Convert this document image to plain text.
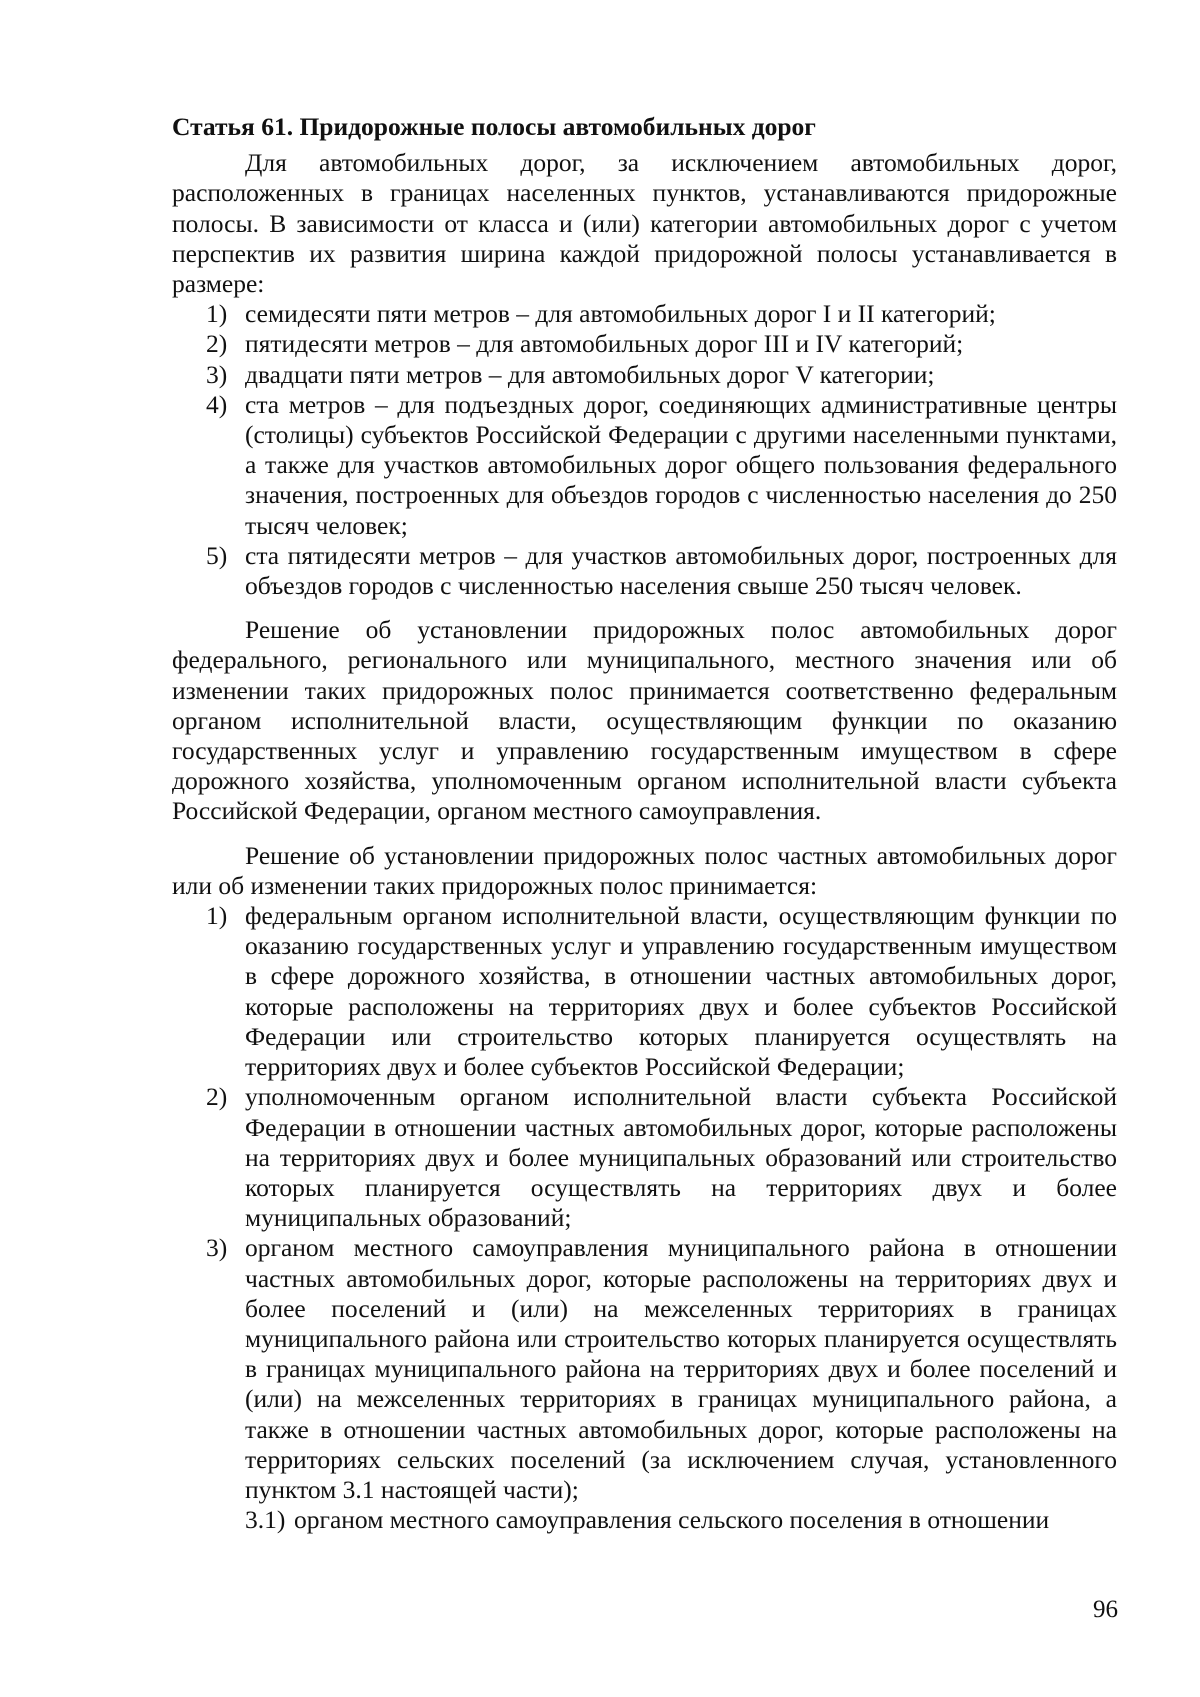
Статья 61. Придорожные полосы автомобильных дорог

Для автомобильных дорог, за исключением автомобильных дорог, расположенных в границах населенных пунктов, устанавливаются придорожные полосы. В зависимости от класса и (или) категории автомобильных дорог с учетом перспектив их развития ширина каждой придорожной полосы устанавливается в размере:

1) семидесяти пяти метров – для автомобильных дорог I и II категорий;
2) пятидесяти метров – для автомобильных дорог III и IV категорий;
3) двадцати пяти метров – для автомобильных дорог V категории;
4) ста метров – для подъездных дорог, соединяющих административные центры (столицы) субъектов Российской Федерации с другими населенными пунктами, а также для участков автомобильных дорог общего пользования федерального значения, построенных для объездов городов с численностью населения до 250 тысяч человек;
5) ста пятидесяти метров – для участков автомобильных дорог, построенных для объездов городов с численностью населения свыше 250 тысяч человек.

Решение об установлении придорожных полос автомобильных дорог федерального, регионального или муниципального, местного значения или об изменении таких придорожных полос принимается соответственно федеральным органом исполнительной власти, осуществляющим функции по оказанию государственных услуг и управлению государственным имуществом в сфере дорожного хозяйства, уполномоченным органом исполнительной власти субъекта Российской Федерации, органом местного самоуправления.

Решение об установлении придорожных полос частных автомобильных дорог или об изменении таких придорожных полос принимается:

1) федеральным органом исполнительной власти, осуществляющим функции по оказанию государственных услуг и управлению государственным имуществом в сфере дорожного хозяйства, в отношении частных автомобильных дорог, которые расположены на территориях двух и более субъектов Российской Федерации или строительство которых планируется осуществлять на территориях двух и более субъектов Российской Федерации;
2) уполномоченным органом исполнительной власти субъекта Российской Федерации в отношении частных автомобильных дорог, которые расположены на территориях двух и более муниципальных образований или строительство которых планируется осуществлять на территориях двух и более муниципальных образований;
3) органом местного самоуправления муниципального района в отношении частных автомобильных дорог, которые расположены на территориях двух и более поселений и (или) на межселенных территориях в границах муниципального района или строительство которых планируется осуществлять в границах муниципального района на территориях двух и более поселений и (или) на межселенных территориях в границах муниципального района, а также в отношении частных автомобильных дорог, которые расположены на территориях сельских поселений (за исключением случая, установленного пунктом 3.1 настоящей части);
3.1) органом местного самоуправления сельского поселения в отношении
96
